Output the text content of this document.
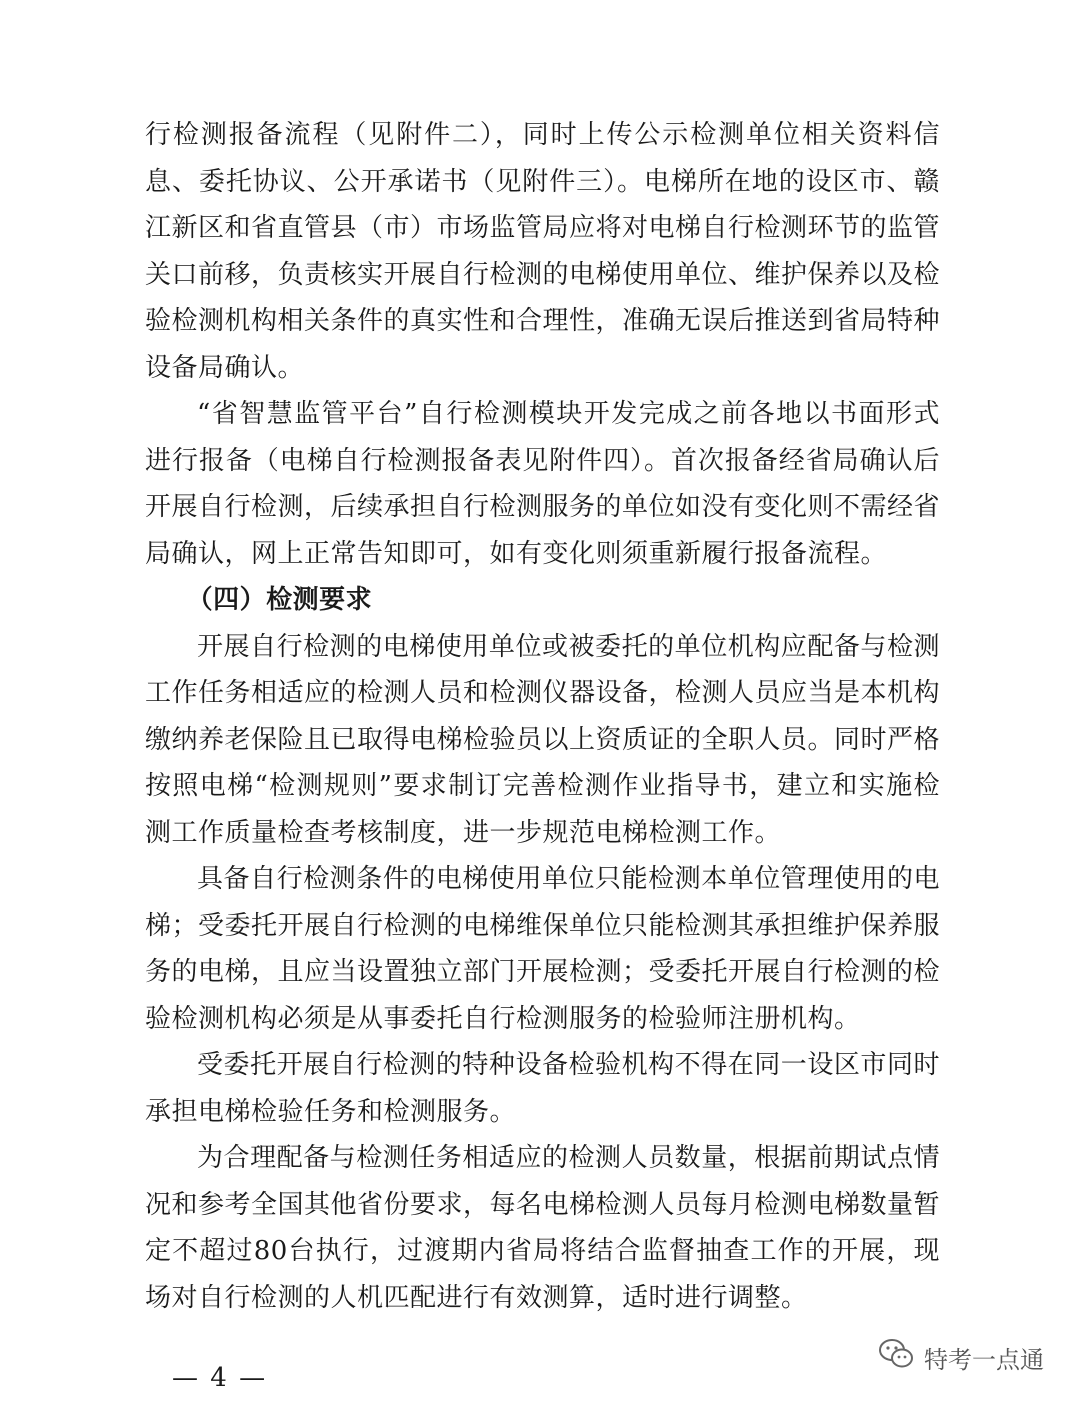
行检测报备流程（见附件二），同时上传公示检测单位相关资料信息、委托协议、公开承诺书（见附件三）。电梯所在地的设区市、赣江新区和省直管县（市）市场监管局应将对电梯自行检测环节的监管关口前移，负责核实开展自行检测的电梯使用单位、维护保养以及检验检测机构相关条件的真实性和合理性，准确无误后推送到省局特种设备局确认。

“省智慧监管平台”自行检测模块开发完成之前各地以书面形式进行报备（电梯自行检测报备表见附件四）。首次报备经省局确认后开展自行检测，后续承担自行检测服务的单位如没有变化则不需经省局确认，网上正常告知即可，如有变化则须重新履行报备流程。

（四）检测要求

开展自行检测的电梯使用单位或被委托的单位机构应配备与检测工作任务相适应的检测人员和检测仪器设备，检测人员应当是本机构缴纳养老保险且已取得电梯检验员以上资质证的全职人员。同时严格按照电梯“检测规则”要求制订完善检测作业指导书，建立和实施检测工作质量检查考核制度，进一步规范电梯检测工作。

具备自行检测条件的电梯使用单位只能检测本单位管理使用的电梯；受委托开展自行检测的电梯维保单位只能检测其承担维护保养服务的电梯，且应当设置独立部门开展检测；受委托开展自行检测的检验检测机构必须是从事委托自行检测服务的检验师注册机构。

受委托开展自行检测的特种设备检验机构不得在同一设区市同时承担电梯检验任务和检测服务。

为合理配备与检测任务相适应的检测人员数量，根据前期试点情况和参考全国其他省份要求，每名电梯检测人员每月检测电梯数量暂定不超过80台执行，过渡期内省局将结合监督抽查工作的开展，现场对自行检测的人机匹配进行有效测算，适时进行调整。

— 4 —
特考一点通
